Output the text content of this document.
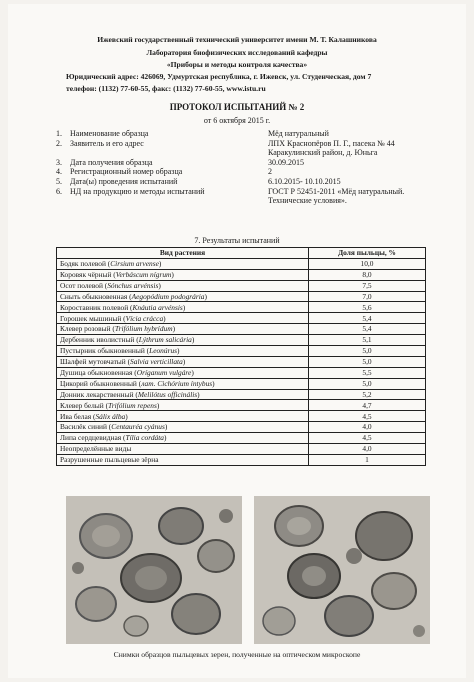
Ижевский государственный технический университет имени М. Т. Калашникова
Лаборатория биофизических исследований кафедры
«Приборы и методы контроля качества»
Юридический адрес: 426069, Удмуртская республика, г. Ижевск, ул. Студенческая, дом 7
телефон: (1132) 77-60-55, факс: (1132) 77-60-55, www.istu.ru
ПРОТОКОЛ ИСПЫТАНИЙ № 2
от 6 октября 2015 г.
1.	Наименование образца	Мёд натуральный
2.	Заявитель и его адрес	ЛПХ Краснопёров П. Г., пасека № 44
Каракулинский район, д. Юньга
3.	Дата получения образца	30.09.2015
4.	Регистрационный номер образца	2
5.	Дата(ы) проведения испытаний	6.10.2015- 10.10.2015
6.	НД на продукцию и методы испытаний	ГОСТ Р 52451-2011 «Мёд натуральный.
Технические условия».
7. Результаты испытаний
Вид растения	Доля пыльцы, %
Бодяк полевой (Cirsium arvense)	10,0
Коровяк чёрный (Verbáscum nígrum)	8,0
Осот полевой (Sónchus arvénsis)	7,5
Сныть обыкновенная (Aegopódium podográria)	7,0
Короставник полевой (Knáutia arvénsis)	5,6
Горошек мышиный (Vícia crácca)	5,4
Клевер розовый (Trifólium hybrídum)	5,4
Дербенник иволистный (Lýthrum salicária)	5,1
Пустырник обыкновенный (Leonúrus)	5,0
Шалфей мутовчатый (Salvia verticillata)	5,0
Душица обыкновенная (Oríganum vulgáre)	5,5
Цикорий обыкновенный (лат. Cichórium íntybus)	5,0
Донник лекарственный (Melilótus officinális)	5,2
Клевер белый (Trifólium repens)	4,7
Ива белая (Sálix álba)	4,5
Василёк синий (Centauréa cyánus)	4,0
Липа сердцевидная (Tília cordáta)	4,5
Неопределённые виды	4,0
Разрушенные пыльцевые зёрна	1
Снимки образцов пыльцевых зерен, полученные на оптическом микроскопе
